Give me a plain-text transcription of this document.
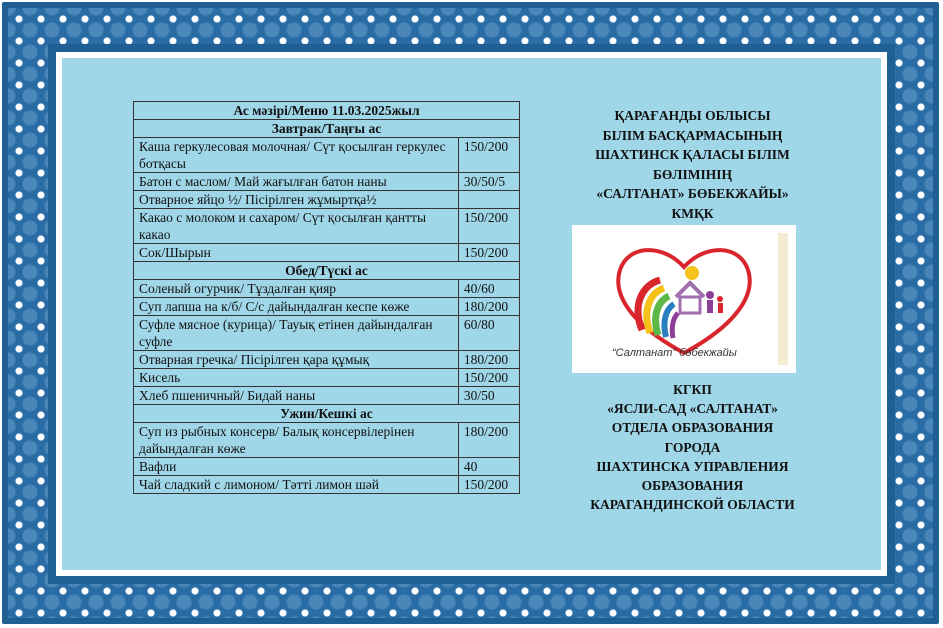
Ас мәзірі/Меню 11.03.2025жыл	
Завтрак/Таңғы ас	
Каша геркулесовая молочная/ Сүт қосылған геркулес ботқасы	150/200
Батон с маслом/ Май жағылған батон наны	30/50/5
Отварное яйцо ½/ Пісірілген жұмыртқа½	
Какао с молоком и сахаром/ Сүт қосылған қантты какао	150/200
Сок/Шырын	150/200
Обед/Түскі ас	
Соленый огурчик/ Тұздалған қияр	40/60
Суп лапша на к/б/ С/с дайындалған кеспе көже	180/200
Суфле мясное (курица)/ Тауық етінен дайындалған суфле	60/80
Отварная гречка/ Пісірілген қара құмық	180/200
Кисель	150/200
Хлеб пшеничный/ Бидай наны	30/50
Ужин/Кешкі ас	
Суп из рыбных консерв/ Балық консервілерінен дайындалған көже	180/200
Вафли	40
Чай сладкий с лимоном/ Тәтті лимон шәй	150/200
ҚАРАҒАНДЫ ОБЛЫСЫ
БІЛІМ БАСҚАРМАСЫНЫҢ
ШАХТИНСК ҚАЛАСЫ БІЛІМ
БӨЛІМІНІҢ
«САЛТАНАТ» БӨБЕКЖАЙЫ»
КМҚК
“Салтанат” бөбекжайы
КГКП
«ЯСЛИ-САД «САЛТАНАТ»
ОТДЕЛА ОБРАЗОВАНИЯ
ГОРОДА
ШАХТИНСКА УПРАВЛЕНИЯ
ОБРАЗОВАНИЯ
КАРАГАНДИНСКОЙ ОБЛАСТИ
